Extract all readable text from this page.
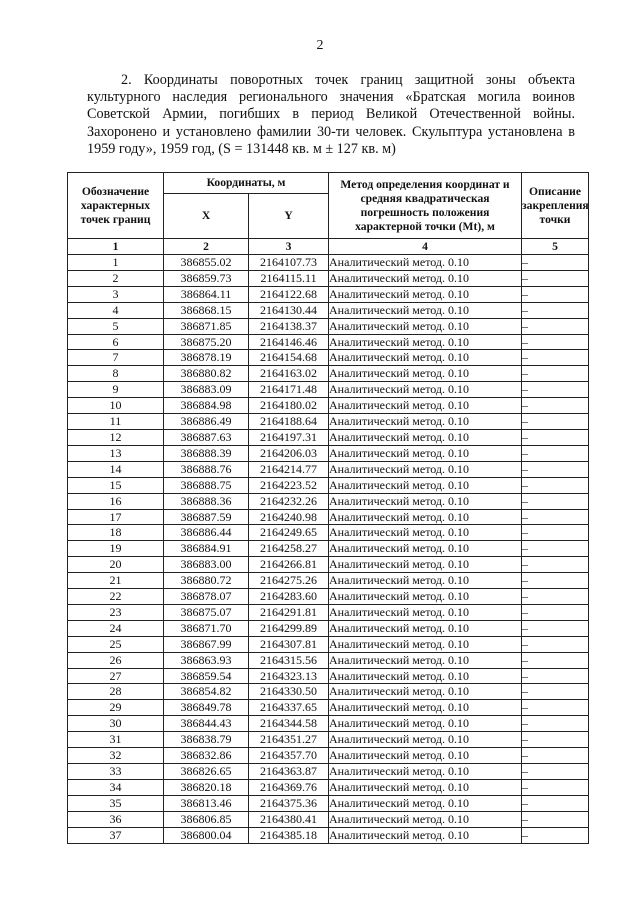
2
2. Координаты поворотных точек границ защитной зоны объекта культурного наследия регионального значения «Братская могила воинов Советской Армии, погибших в период Великой Отечественной войны. Захоронено и установлено фамилии 30-ти человек. Скульптура установлена в 1959 году», 1959 год, (S = 131448 кв. м ± 127 кв. м)
Обозначение характерных точек границ	Координаты, м		Метод определения координат и средняя квадратическая погрешность положения характерной точки (Mt), м	Описание закрепления точки
	X	Y		
1	2	3	4	5
1	386855.02	2164107.73	Аналитический метод. 0.10	–
2	386859.73	2164115.11	Аналитический метод. 0.10	–
3	386864.11	2164122.68	Аналитический метод. 0.10	–
4	386868.15	2164130.44	Аналитический метод. 0.10	–
5	386871.85	2164138.37	Аналитический метод. 0.10	–
6	386875.20	2164146.46	Аналитический метод. 0.10	–
7	386878.19	2164154.68	Аналитический метод. 0.10	–
8	386880.82	2164163.02	Аналитический метод. 0.10	–
9	386883.09	2164171.48	Аналитический метод. 0.10	–
10	386884.98	2164180.02	Аналитический метод. 0.10	–
11	386886.49	2164188.64	Аналитический метод. 0.10	–
12	386887.63	2164197.31	Аналитический метод. 0.10	–
13	386888.39	2164206.03	Аналитический метод. 0.10	–
14	386888.76	2164214.77	Аналитический метод. 0.10	–
15	386888.75	2164223.52	Аналитический метод. 0.10	–
16	386888.36	2164232.26	Аналитический метод. 0.10	–
17	386887.59	2164240.98	Аналитический метод. 0.10	–
18	386886.44	2164249.65	Аналитический метод. 0.10	–
19	386884.91	2164258.27	Аналитический метод. 0.10	–
20	386883.00	2164266.81	Аналитический метод. 0.10	–
21	386880.72	2164275.26	Аналитический метод. 0.10	–
22	386878.07	2164283.60	Аналитический метод. 0.10	–
23	386875.07	2164291.81	Аналитический метод. 0.10	–
24	386871.70	2164299.89	Аналитический метод. 0.10	–
25	386867.99	2164307.81	Аналитический метод. 0.10	–
26	386863.93	2164315.56	Аналитический метод. 0.10	–
27	386859.54	2164323.13	Аналитический метод. 0.10	–
28	386854.82	2164330.50	Аналитический метод. 0.10	–
29	386849.78	2164337.65	Аналитический метод. 0.10	–
30	386844.43	2164344.58	Аналитический метод. 0.10	–
31	386838.79	2164351.27	Аналитический метод. 0.10	–
32	386832.86	2164357.70	Аналитический метод. 0.10	–
33	386826.65	2164363.87	Аналитический метод. 0.10	–
34	386820.18	2164369.76	Аналитический метод. 0.10	–
35	386813.46	2164375.36	Аналитический метод. 0.10	–
36	386806.85	2164380.41	Аналитический метод. 0.10	–
37	386800.04	2164385.18	Аналитический метод. 0.10	–
